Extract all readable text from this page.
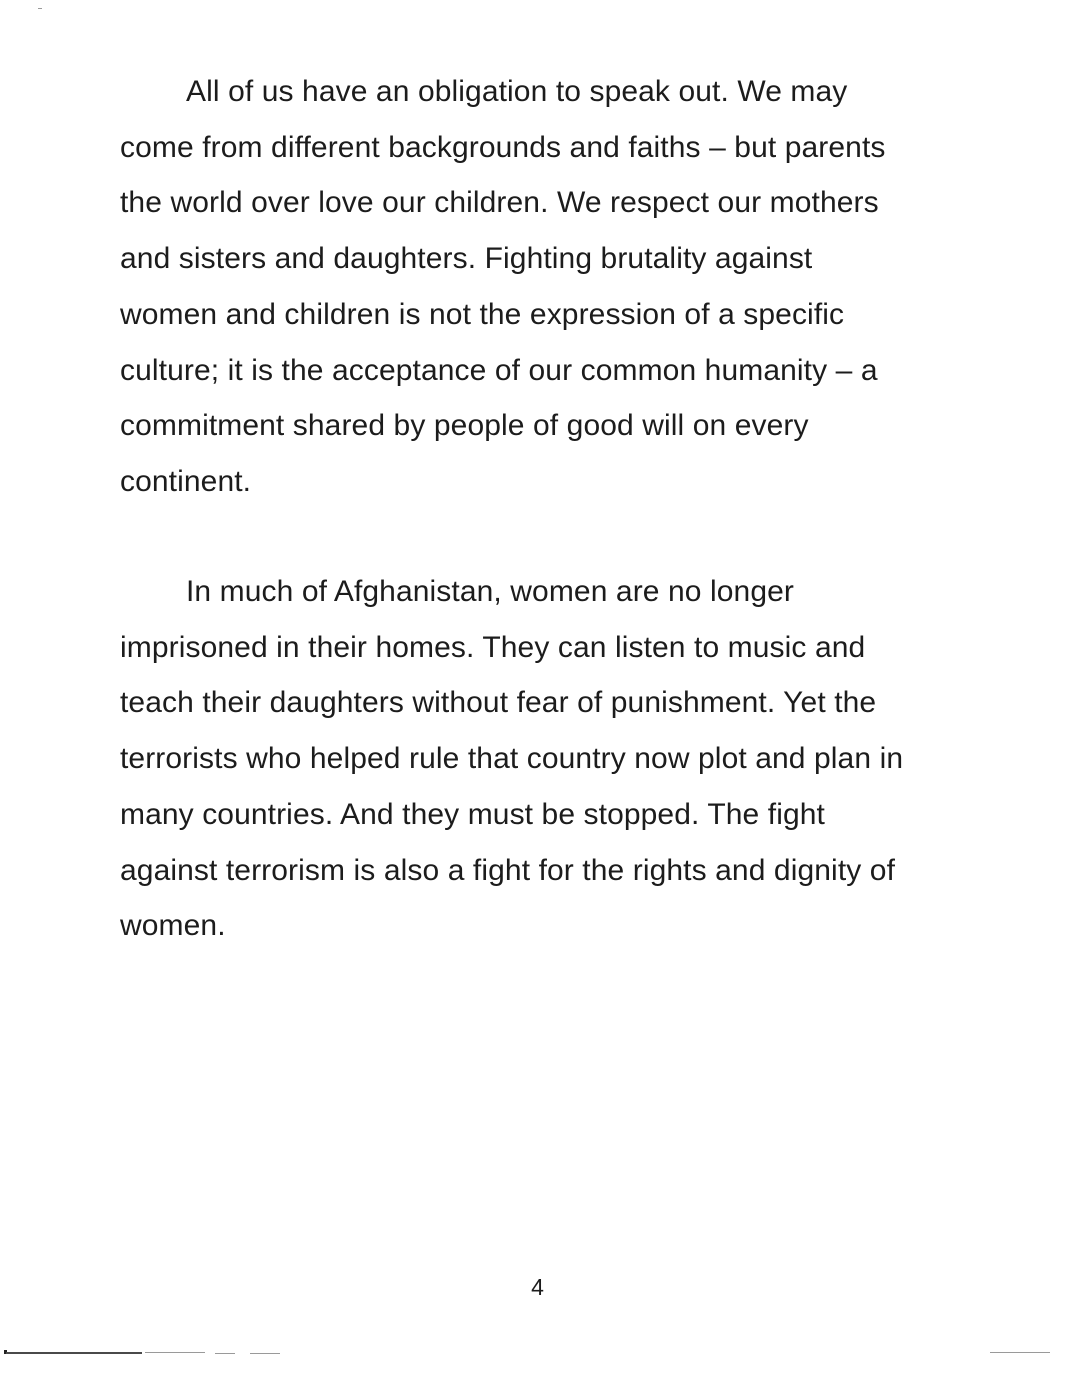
All of us have an obligation to speak out. We may
come from different backgrounds and faiths – but parents
the world over love our children. We respect our mothers
and sisters and daughters. Fighting brutality against
women and children is not the expression of a specific
culture; it is the acceptance of our common humanity – a
commitment shared by people of good will on every
continent.

In much of Afghanistan, women are no longer
imprisoned in their homes. They can listen to music and
teach their daughters without fear of punishment. Yet the
terrorists who helped rule that country now plot and plan in
many countries. And they must be stopped. The fight
against terrorism is also a fight for the rights and dignity of
women.

4
